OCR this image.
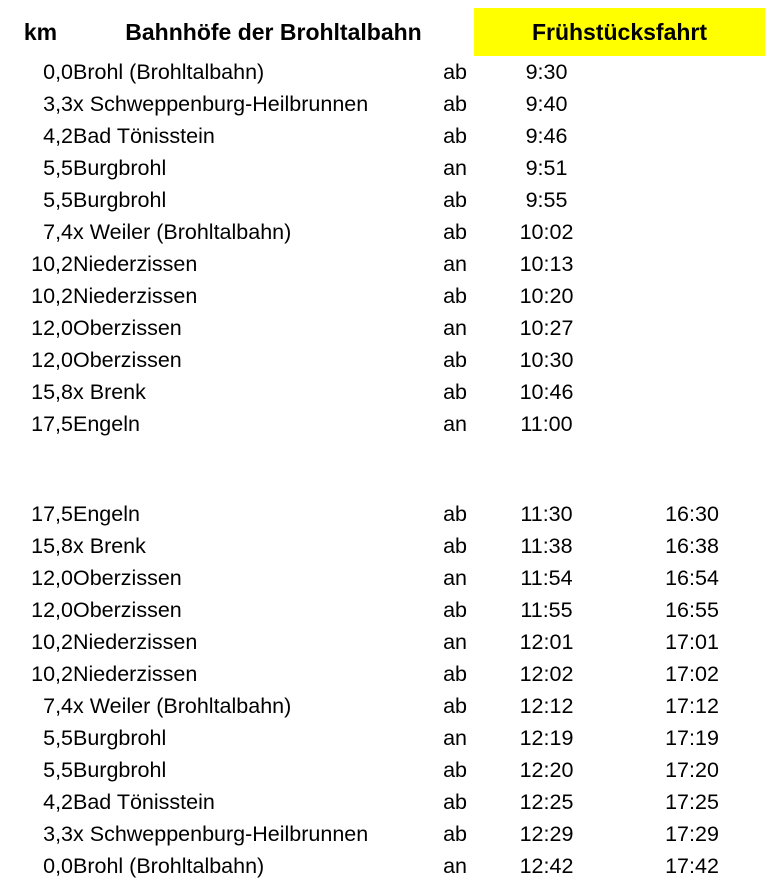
km	Bahnhöfe der Brohltalbahn	Frühstücksfahrt	
0,0	Brohl (Brohltalbahn) ab	9:30	
3,3	x Schweppenburg-Heilbrunnen ab	9:40	
4,2	Bad Tönisstein ab	9:46	
5,5	Burgbrohl an	9:51	
5,5	Burgbrohl ab	9:55	
7,4	x Weiler (Brohltalbahn) ab	10:02	
10,2	Niederzissen an	10:13	
10,2	Niederzissen ab	10:20	
12,0	Oberzissen an	10:27	
12,0	Oberzissen ab	10:30	
15,8	x Brenk ab	10:46	
17,5	Engeln an	11:00	

17,5	Engeln ab	11:30	16:30
15,8	x Brenk ab	11:38	16:38
12,0	Oberzissen an	11:54	16:54
12,0	Oberzissen ab	11:55	16:55
10,2	Niederzissen an	12:01	17:01
10,2	Niederzissen ab	12:02	17:02
7,4	x Weiler (Brohltalbahn) ab	12:12	17:12
5,5	Burgbrohl an	12:19	17:19
5,5	Burgbrohl ab	12:20	17:20
4,2	Bad Tönisstein ab	12:25	17:25
3,3	x Schweppenburg-Heilbrunnen ab	12:29	17:29
0,0	Brohl (Brohltalbahn) an	12:42	17:42
